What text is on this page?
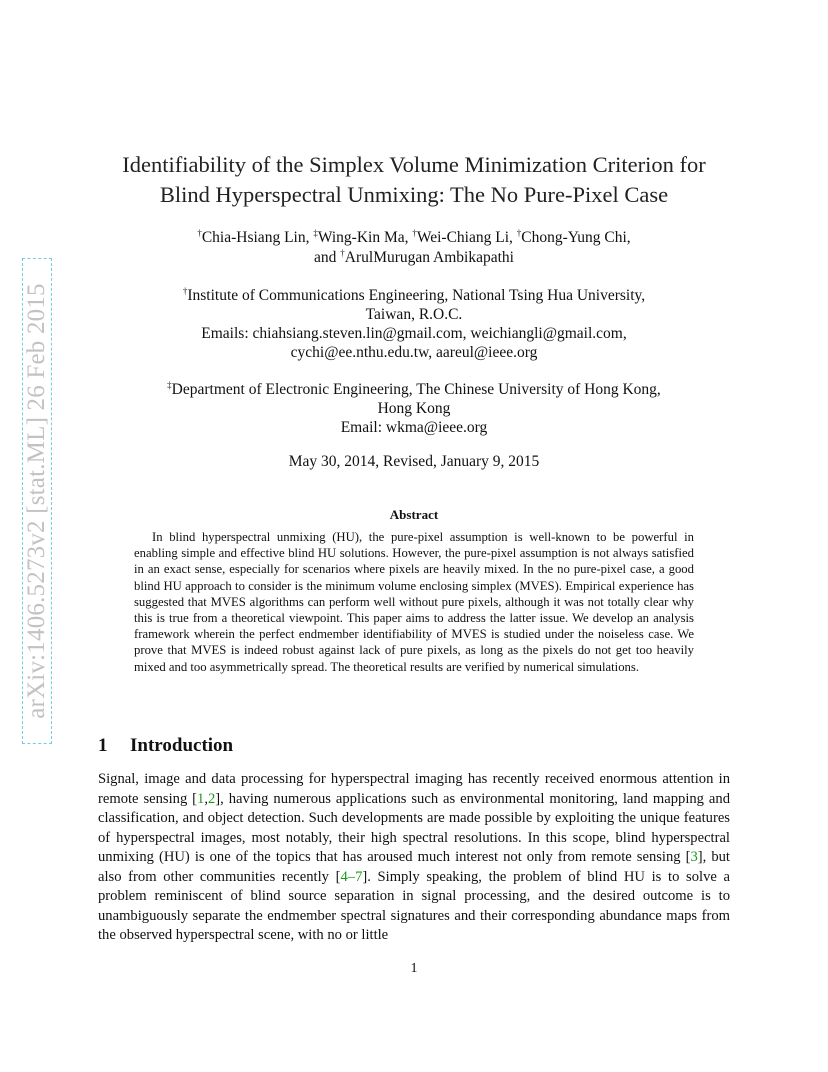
arXiv:1406.5273v2 [stat.ML] 26 Feb 2015
Identifiability of the Simplex Volume Minimization Criterion for
Blind Hyperspectral Unmixing: The No Pure-Pixel Case
†Chia-Hsiang Lin, ‡Wing-Kin Ma, †Wei-Chiang Li, †Chong-Yung Chi,
and †ArulMurugan Ambikapathi
†Institute of Communications Engineering, National Tsing Hua University,
Taiwan, R.O.C.
Emails: chiahsiang.steven.lin@gmail.com, weichiangli@gmail.com,
cychi@ee.nthu.edu.tw, aareul@ieee.org
‡Department of Electronic Engineering, The Chinese University of Hong Kong,
Hong Kong
Email: wkma@ieee.org
May 30, 2014, Revised, January 9, 2015
Abstract

In blind hyperspectral unmixing (HU), the pure-pixel assumption is well-known to be powerful in enabling simple and effective blind HU solutions. However, the pure-pixel assumption is not always satisfied in an exact sense, especially for scenarios where pixels are heavily mixed. In the no pure-pixel case, a good blind HU approach to consider is the minimum volume enclosing simplex (MVES). Empirical experience has suggested that MVES algorithms can perform well without pure pixels, although it was not totally clear why this is true from a theoretical viewpoint. This paper aims to address the latter issue. We develop an analysis framework wherein the perfect endmember identifiability of MVES is studied under the noiseless case. We prove that MVES is indeed robust against lack of pure pixels, as long as the pixels do not get too heavily mixed and too asymmetrically spread. The theoretical results are verified by numerical simulations.

1 Introduction

Signal, image and data processing for hyperspectral imaging has recently received enormous attention in remote sensing [1,2], having numerous applications such as environmental monitoring, land mapping and classification, and object detection. Such developments are made possible by exploiting the unique features of hyperspectral images, most notably, their high spectral resolutions. In this scope, blind hyperspectral unmixing (HU) is one of the topics that has aroused much interest not only from remote sensing [3], but also from other communities recently [4–7]. Simply speaking, the problem of blind HU is to solve a problem reminiscent of blind source separation in signal processing, and the desired outcome is to unambiguously separate the endmember spectral signatures and their corresponding abundance maps from the observed hyperspectral scene, with no or little

1
